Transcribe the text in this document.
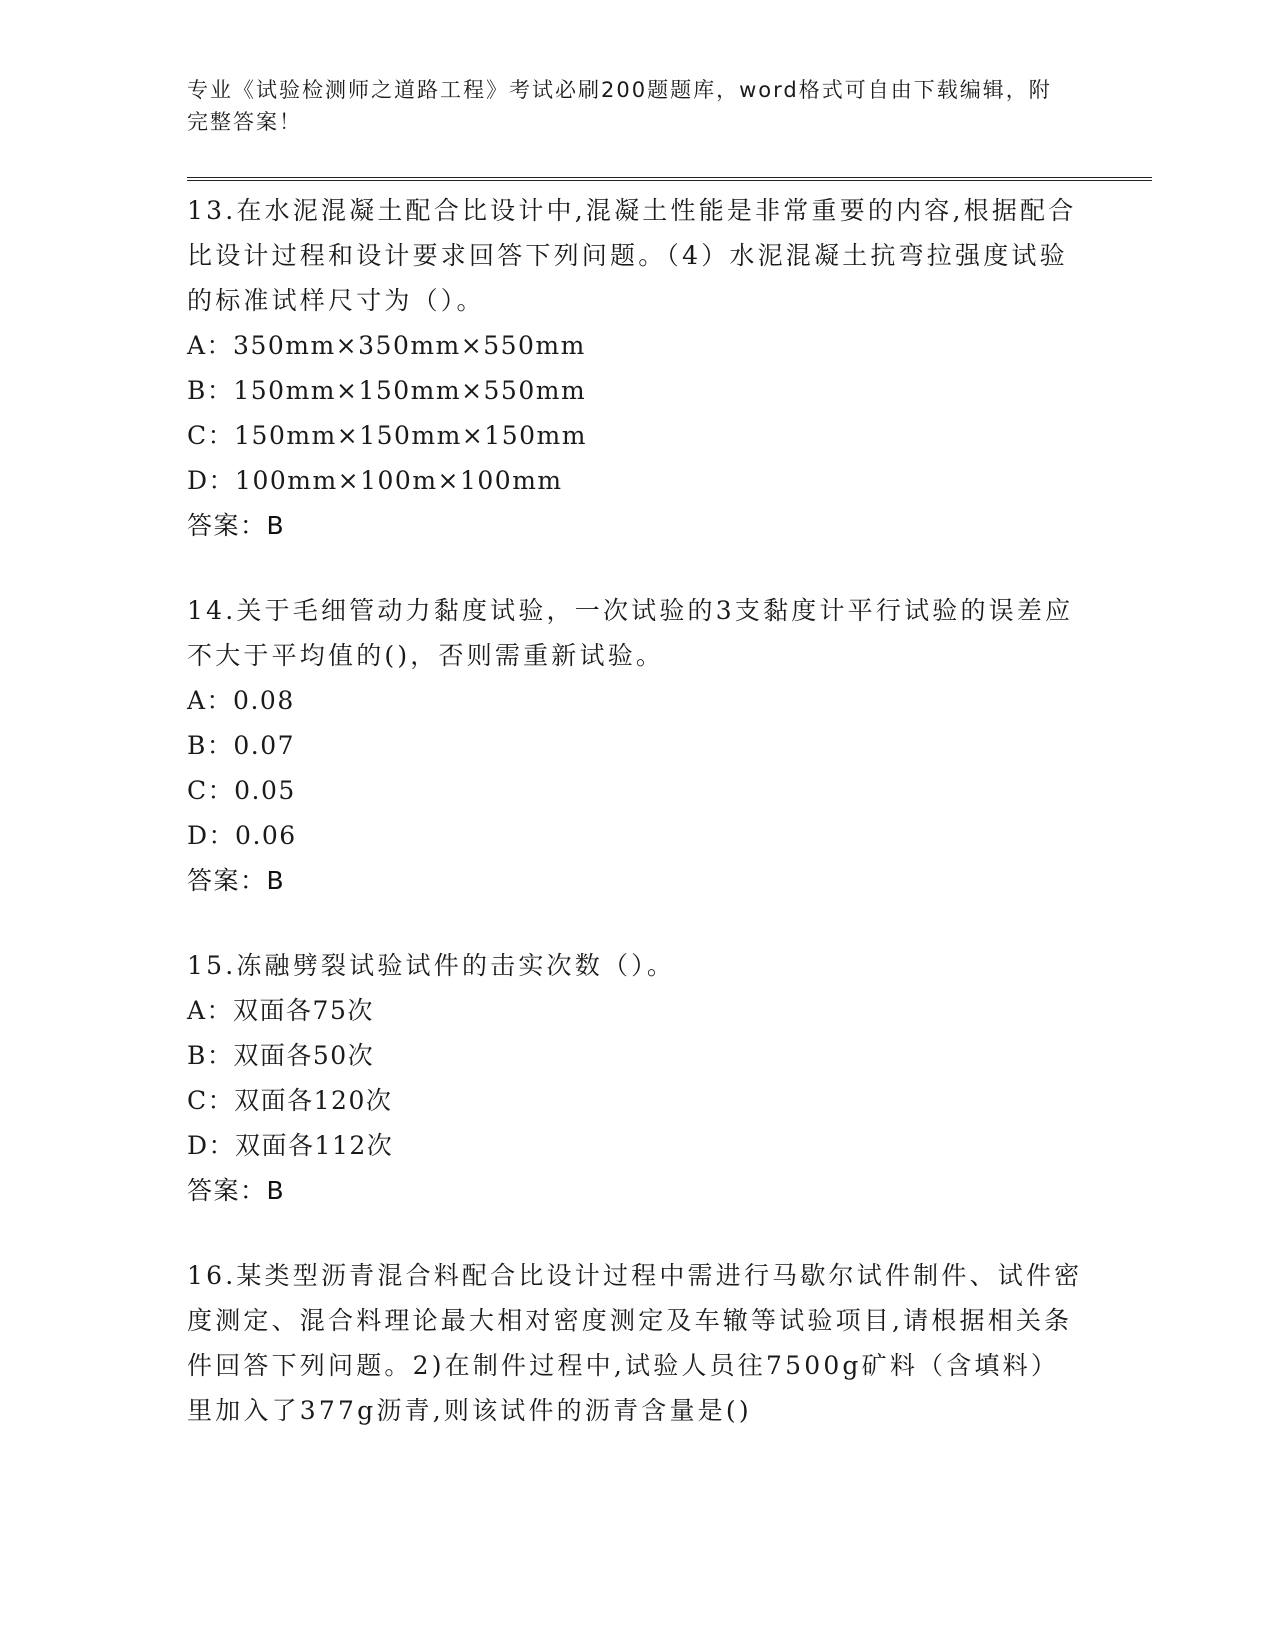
专业《试验检测师之道路工程》考试必刷200题题库，word格式可自由下载编辑，附完整答案！

13.在水泥混凝土配合比设计中,混凝土性能是非常重要的内容,根据配合比设计过程和设计要求回答下列问题。（4）水泥混凝土抗弯拉强度试验的标准试样尺寸为（）。

A：350mm×350mm×550mm
B：150mm×150mm×550mm
C：150mm×150mm×150mm
D：100mm×100m×100mm
答案：B

14.关于毛细管动力黏度试验，一次试验的3支黏度计平行试验的误差应不大于平均值的()，否则需重新试验。

A：0.08
B：0.07
C：0.05
D：0.06
答案：B

15.冻融劈裂试验试件的击实次数（）。

A：双面各75次
B：双面各50次
C：双面各120次
D：双面各112次
答案：B

16.某类型沥青混合料配合比设计过程中需进行马歇尔试件制件、试件密度测定、混合料理论最大相对密度测定及车辙等试验项目,请根据相关条件回答下列问题。2)在制件过程中,试验人员往7500g矿料（含填料）里加入了377g沥青,则该试件的沥青含量是()
